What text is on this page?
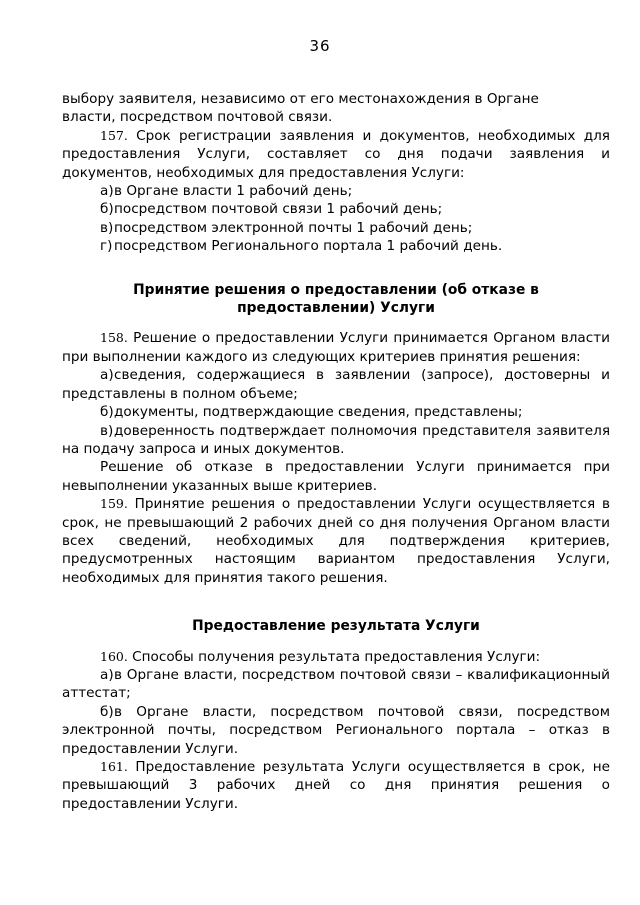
36

выбору заявителя, независимо от его местонахождения в Органе

власти, посредством почтовой связи.

157. Срок регистрации заявления и документов, необходимых для предоставления Услуги, составляет со дня подачи заявления и документов, необходимых для предоставления Услуги:

а)в Органе власти 1 рабочий день;

б)посредством почтовой связи 1 рабочий день;

в)посредством электронной почты 1 рабочий день;

г) посредством Регионального портала 1 рабочий день.

Принятие решения о предоставлении (об отказе в
предоставлении) Услуги

158. Решение о предоставлении Услуги принимается Органом власти при выполнении каждого из следующих критериев принятия решения:

а)сведения, содержащиеся в заявлении (запросе), достоверны и представлены в полном объеме;

б)документы, подтверждающие сведения, представлены;

в)доверенность подтверждает полномочия представителя заявителя на подачу запроса и иных документов.

Решение об отказе в предоставлении Услуги принимается при невыполнении указанных выше критериев.

159. Принятие решения о предоставлении Услуги осуществляется в срок, не превышающий 2 рабочих дней со дня получения Органом власти всех сведений, необходимых для подтверждения критериев, предусмотренных настоящим вариантом предоставления Услуги, необходимых для принятия такого решения.

Предоставление результата Услуги

160. Способы получения результата предоставления Услуги:

а)в Органе власти, посредством почтовой связи – квалификационный аттестат;

б)в Органе власти, посредством почтовой связи, посредством электронной почты, посредством Регионального портала – отказ в предоставлении Услуги.

161. Предоставление результата Услуги осуществляется в срок, не превышающий 3 рабочих дней со дня принятия решения о предоставлении Услуги.
